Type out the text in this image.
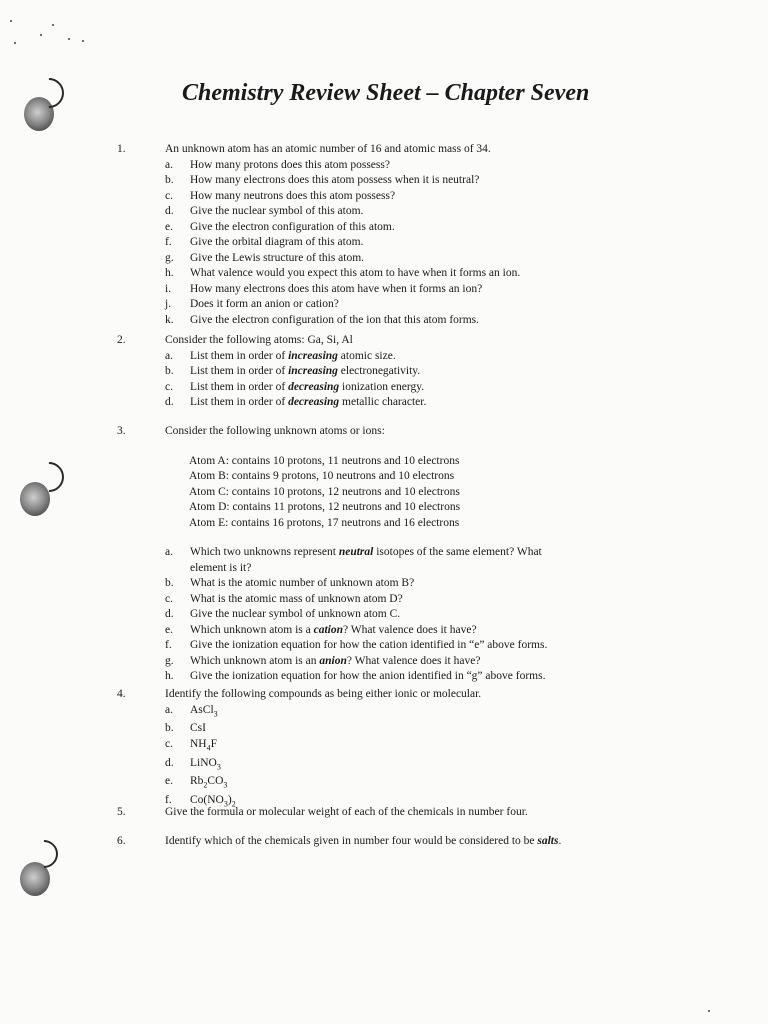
Chemistry Review Sheet – Chapter Seven
1.	An unknown atom has an atomic number of 16 and atomic mass of 34.
a. How many protons does this atom possess?
b. How many electrons does this atom possess when it is neutral?
c. How many neutrons does this atom possess?
d. Give the nuclear symbol of this atom.
e. Give the electron configuration of this atom.
f. Give the orbital diagram of this atom.
g. Give the Lewis structure of this atom.
h. What valence would you expect this atom to have when it forms an ion.
i. How many electrons does this atom have when it forms an ion?
j. Does it form an anion or cation?
k. Give the electron configuration of the ion that this atom forms.
2.	Consider the following atoms: Ga, Si, Al
a. List them in order of increasing atomic size.
b. List them in order of increasing electronegativity.
c. List them in order of decreasing ionization energy.
d. List them in order of decreasing metallic character.
3.	Consider the following unknown atoms or ions:
Atom A: contains 10 protons, 11 neutrons and 10 electrons
Atom B: contains 9 protons, 10 neutrons and 10 electrons
Atom C: contains 10 protons, 12 neutrons and 10 electrons
Atom D: contains 11 protons, 12 neutrons and 10 electrons
Atom E: contains 16 protons, 17 neutrons and 16 electrons
a. Which two unknowns represent neutral isotopes of the same element? What element is it?
b. What is the atomic number of unknown atom B?
c. What is the atomic mass of unknown atom D?
d. Give the nuclear symbol of unknown atom C.
e. Which unknown atom is a cation? What valence does it have?
f. Give the ionization equation for how the cation identified in “e” above forms.
g. Which unknown atom is an anion? What valence does it have?
h. Give the ionization equation for how the anion identified in “g” above forms.
4.	Identify the following compounds as being either ionic or molecular.
a. AsCl$_3$
b. CsI
c. $NH_4F$
d. LiNO$_3$
e. $Rb_2CO_3$
f. $Co(NO_3)_2$
5.	Give the formula or molecular weight of each of the chemicals in number four.
6.	Identify which of the chemicals given in number four would be considered to be salts.
